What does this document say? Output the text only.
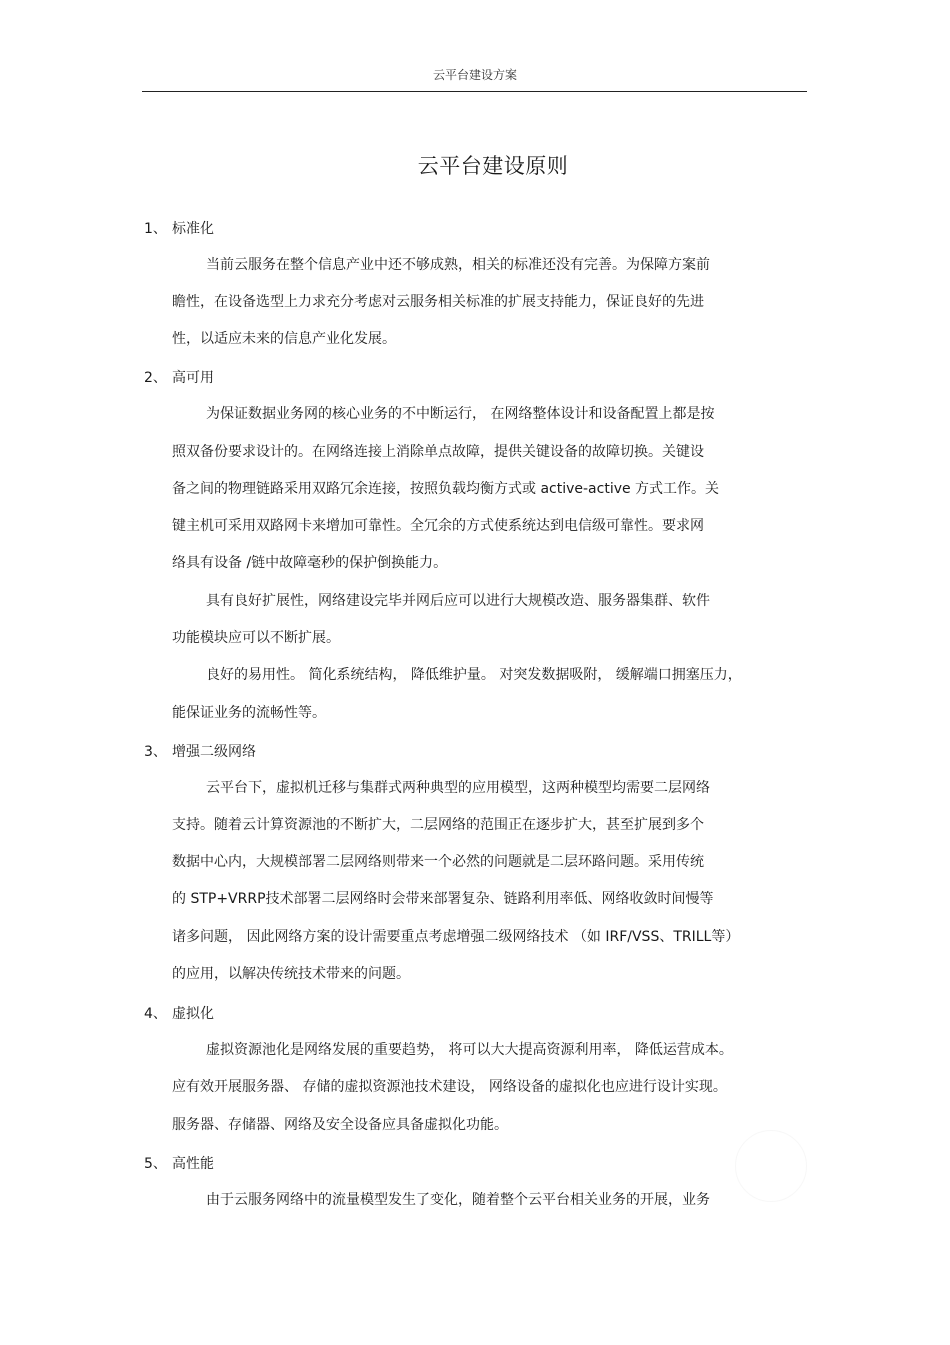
云平台建设方案
云平台建设原则
1、 标准化
当前云服务在整个信息产业中还不够成熟，相关的标准还没有完善。为保障方案前
瞻性，在设备选型上力求充分考虑对云服务相关标准的扩展支持能力，保证良好的先进
性，以适应未来的信息产业化发展。
2、 高可用
为保证数据业务网的核心业务的不中断运行， 在网络整体设计和设备配置上都是按
照双备份要求设计的。在网络连接上消除单点故障，提供关键设备的故障切换。关键设
备之间的物理链路采用双路冗余连接，按照负载均衡方式或 active-active 方式工作。关
键主机可采用双路网卡来增加可靠性。全冗余的方式使系统达到电信级可靠性。要求网
络具有设备 /链中故障毫秒的保护倒换能力。
具有良好扩展性，网络建设完毕并网后应可以进行大规模改造、服务器集群、软件
功能模块应可以不断扩展。
良好的易用性。 简化系统结构， 降低维护量。 对突发数据吸附， 缓解端口拥塞压力，
能保证业务的流畅性等。
3、 增强二级网络
云平台下，虚拟机迁移与集群式两种典型的应用模型，这两种模型均需要二层网络
支持。随着云计算资源池的不断扩大，二层网络的范围正在逐步扩大，甚至扩展到多个
数据中心内，大规模部署二层网络则带来一个必然的问题就是二层环路问题。采用传统
的 STP+VRRP技术部署二层网络时会带来部署复杂、链路利用率低、网络收敛时间慢等
诸多问题， 因此网络方案的设计需要重点考虑增强二级网络技术 （如 IRF/VSS、TRILL等）
的应用，以解决传统技术带来的问题。
4、 虚拟化
虚拟资源池化是网络发展的重要趋势， 将可以大大提高资源利用率， 降低运营成本。
应有效开展服务器、 存储的虚拟资源池技术建设， 网络设备的虚拟化也应进行设计实现。
服务器、存储器、网络及安全设备应具备虚拟化功能。
5、 高性能
由于云服务网络中的流量模型发生了变化，随着整个云平台相关业务的开展，业务
